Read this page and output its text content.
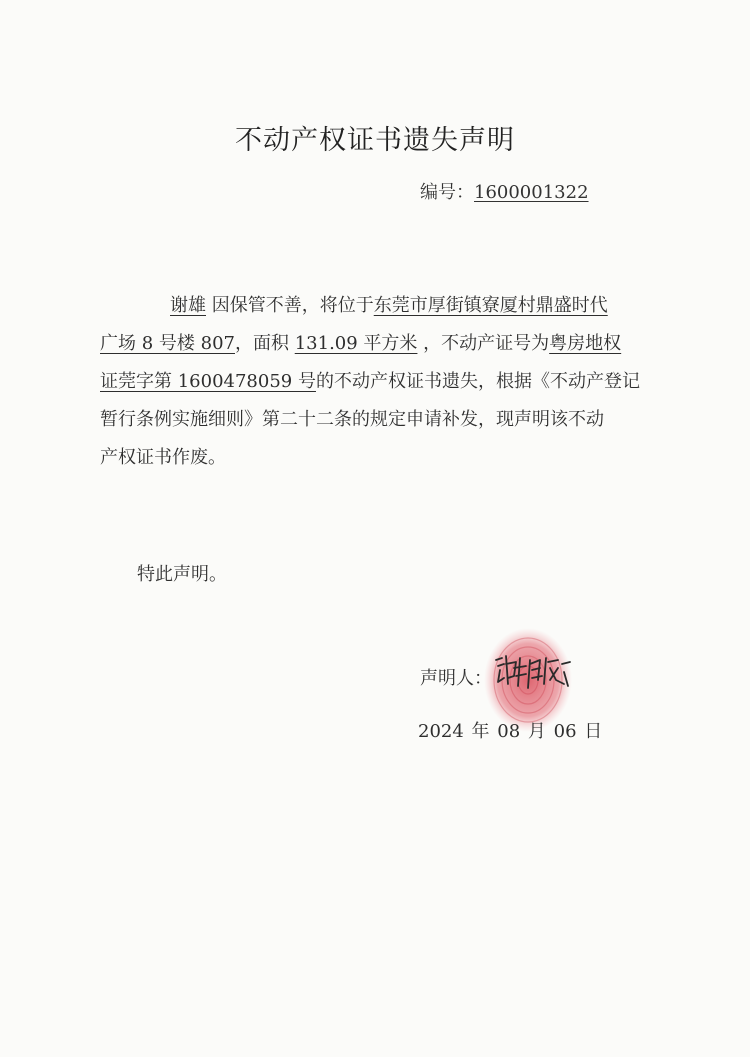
不动产权证书遗失声明
编号：1600001322
谢雄 因保管不善，将位于东莞市厚街镇寮厦村鼎盛时代
广场 8 号楼 807，面积 131.09 平方米 ，不动产证号为粤房地权
证莞字第 1600478059 号的不动产权证书遗失，根据《不动产登记
暂行条例实施细则》第二十二条的规定申请补发，现声明该不动
产权证书作废。
特此声明。
声明人：
2024 年 08 月 06 日
